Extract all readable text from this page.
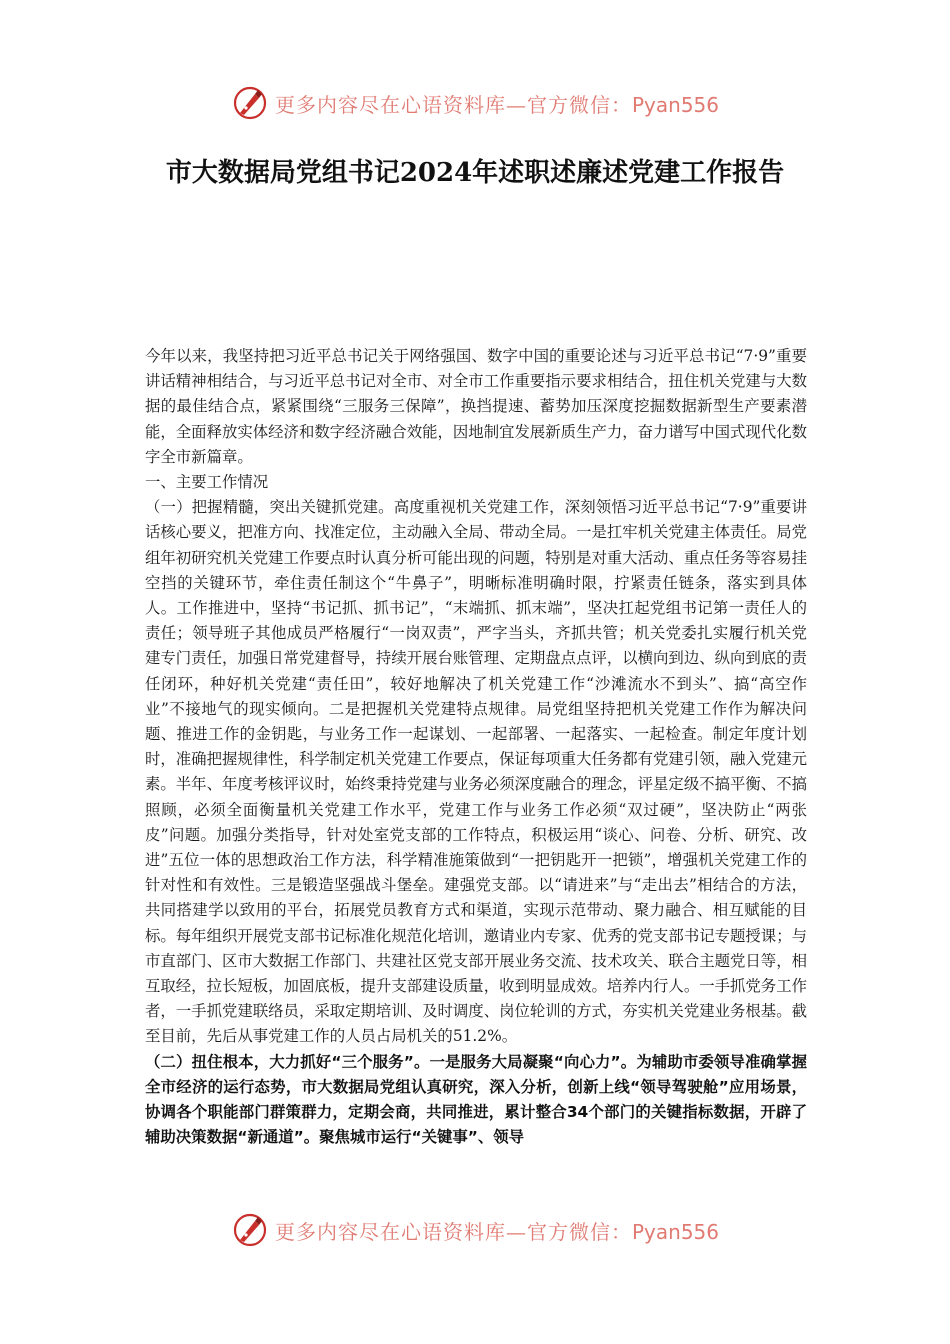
更多内容尽在心语资料库—官方微信：Pyan556
市大数据局党组书记2024年述职述廉述党建工作报告

今年以来，我坚持把习近平总书记关于网络强国、数字中国的重要论述与习近平总书记“7·9”重要讲话精神相结合，与习近平总书记对全市、对全市工作重要指示要求相结合，扭住机关党建与大数据的最佳结合点，紧紧围绕“三服务三保障”，换挡提速、蓄势加压深度挖掘数据新型生产要素潜能，全面释放实体经济和数字经济融合效能，因地制宜发展新质生产力，奋力谱写中国式现代化数字全市新篇章。

一、主要工作情况

（一）把握精髓，突出关键抓党建。高度重视机关党建工作，深刻领悟习近平总书记“7·9”重要讲话核心要义，把准方向、找准定位，主动融入全局、带动全局。一是扛牢机关党建主体责任。局党组年初研究机关党建工作要点时认真分析可能出现的问题，特别是对重大活动、重点任务等容易挂空挡的关键环节，牵住责任制这个“牛鼻子”，明晰标准明确时限，拧紧责任链条，落实到具体人。工作推进中，坚持“书记抓、抓书记”，“末端抓、抓末端”，坚决扛起党组书记第一责任人的责任；领导班子其他成员严格履行“一岗双责”，严字当头，齐抓共管；机关党委扎实履行机关党建专门责任，加强日常党建督导，持续开展台账管理、定期盘点点评，以横向到边、纵向到底的责任闭环，种好机关党建“责任田”，较好地解决了机关党建工作“沙滩流水不到头”、搞“高空作业”不接地气的现实倾向。二是把握机关党建特点规律。局党组坚持把机关党建工作作为解决问题、推进工作的金钥匙，与业务工作一起谋划、一起部署、一起落实、一起检查。制定年度计划时，准确把握规律性，科学制定机关党建工作要点，保证每项重大任务都有党建引领，融入党建元素。半年、年度考核评议时，始终秉持党建与业务必须深度融合的理念，评星定级不搞平衡、不搞照顾，必须全面衡量机关党建工作水平，党建工作与业务工作必须“双过硬”，坚决防止“两张皮”问题。加强分类指导，针对处室党支部的工作特点，积极运用“谈心、问卷、分析、研究、改进”五位一体的思想政治工作方法，科学精准施策做到“一把钥匙开一把锁”，增强机关党建工作的针对性和有效性。三是锻造坚强战斗堡垒。建强党支部。以“请进来”与“走出去”相结合的方法，共同搭建学以致用的平台，拓展党员教育方式和渠道，实现示范带动、聚力融合、相互赋能的目标。每年组织开展党支部书记标准化规范化培训，邀请业内专家、优秀的党支部书记专题授课；与市直部门、区市大数据工作部门、共建社区党支部开展业务交流、技术攻关、联合主题党日等，相互取经，拉长短板，加固底板，提升支部建设质量，收到明显成效。培养内行人。一手抓党务工作者，一手抓党建联络员，采取定期培训、及时调度、岗位轮训的方式，夯实机关党建业务根基。截至目前，先后从事党建工作的人员占局机关的51.2%。

（二）扭住根本，大力抓好“三个服务”。一是服务大局凝聚“向心力”。为辅助市委领导准确掌握全市经济的运行态势，市大数据局党组认真研究，深入分析，创新上线“领导驾驶舱”应用场景，协调各个职能部门群策群力，定期会商，共同推进，累计整合34个部门的关键指标数据，开辟了辅助决策数据“新通道”。聚焦城市运行“关键事”、领导

更多内容尽在心语资料库—官方微信：Pyan556
